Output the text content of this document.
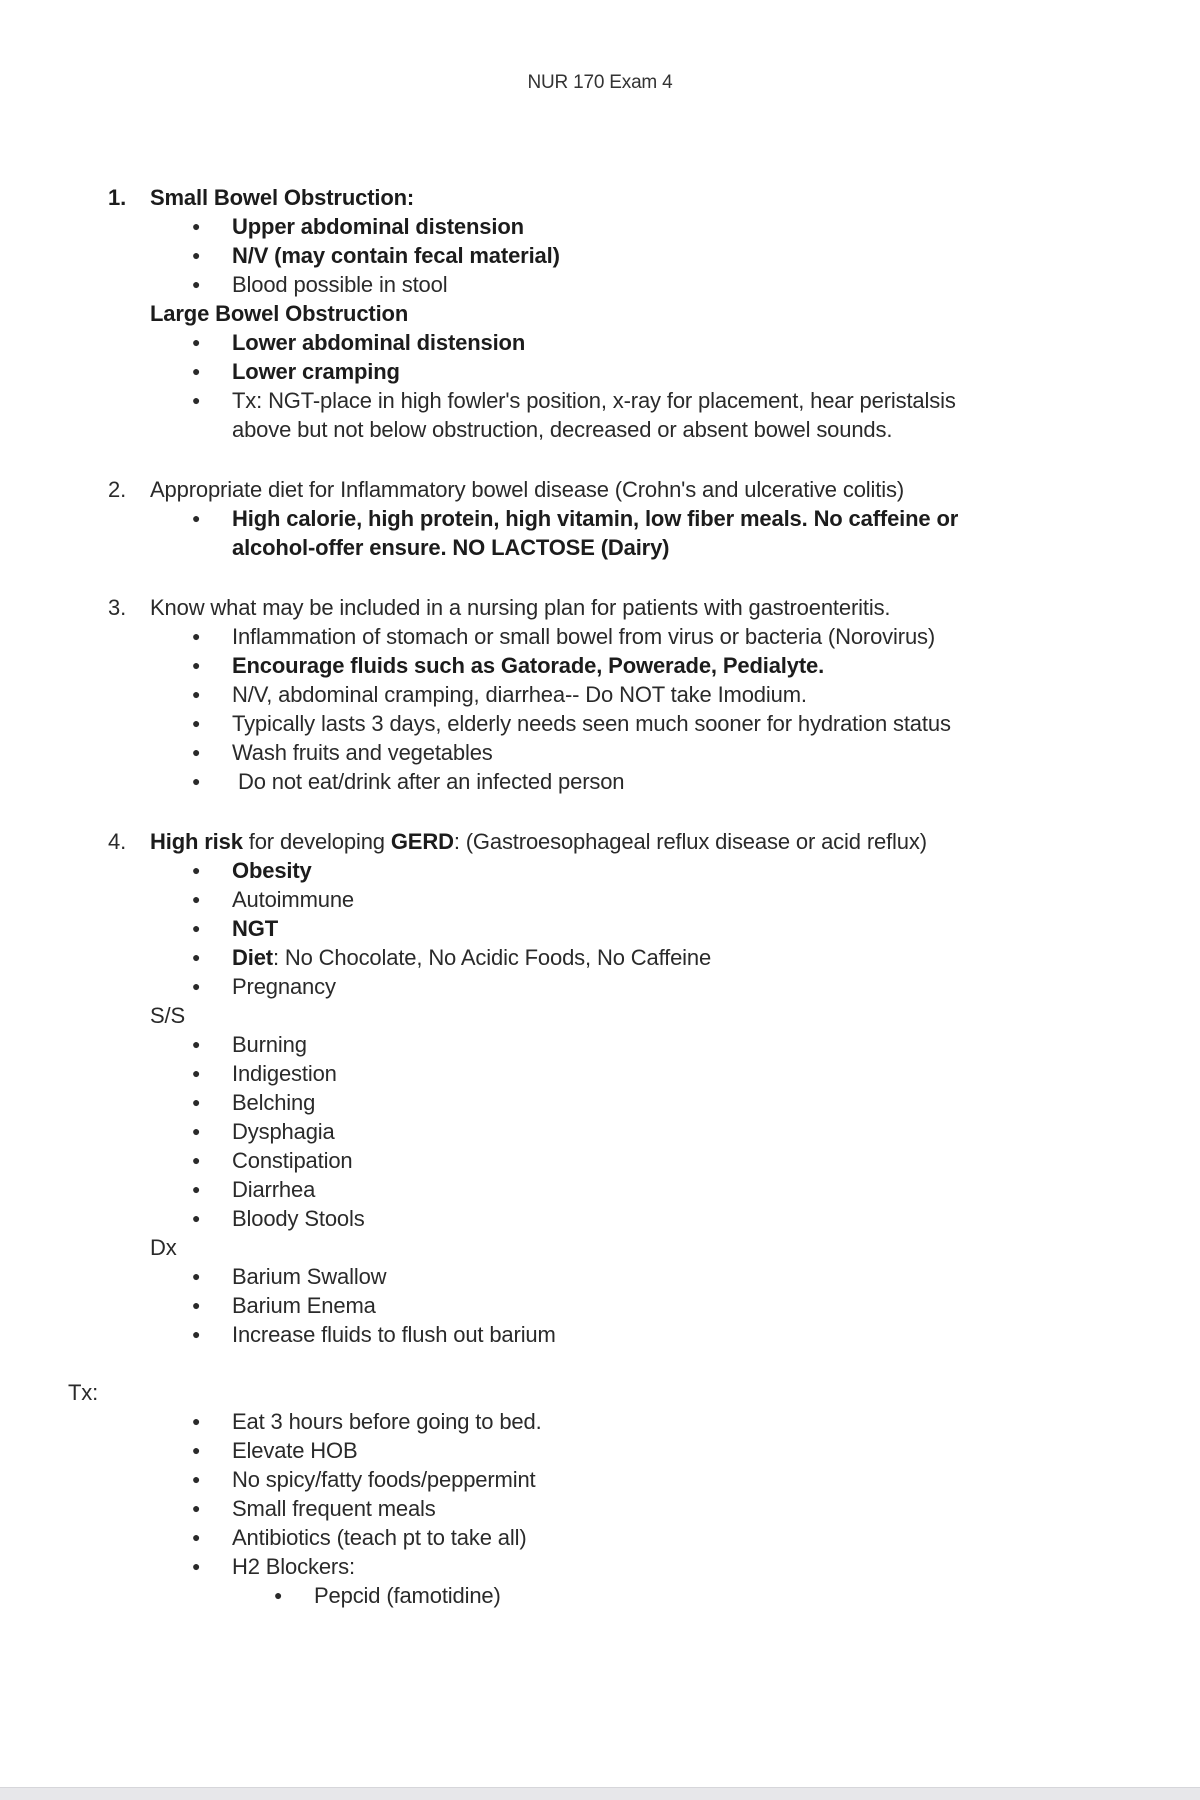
NUR 170 Exam 4
1. Small Bowel Obstruction:
● Upper abdominal distension
● N/V (may contain fecal material)
● Blood possible in stool
Large Bowel Obstruction
● Lower abdominal distension
● Lower cramping
● Tx: NGT-place in high fowler's position, x-ray for placement, hear peristalsis
above but not below obstruction, decreased or absent bowel sounds.
2. Appropriate diet for Inflammatory bowel disease (Crohn's and ulcerative colitis)
● High calorie, high protein, high vitamin, low fiber meals. No caffeine or
alcohol-offer ensure. NO LACTOSE (Dairy)
3. Know what may be included in a nursing plan for patients with gastroenteritis.
● Inflammation of stomach or small bowel from virus or bacteria (Norovirus)
● Encourage fluids such as Gatorade, Powerade, Pedialyte.
● N/V, abdominal cramping, diarrhea-- Do NOT take Imodium.
● Typically lasts 3 days, elderly needs seen much sooner for hydration status
● Wash fruits and vegetables
● Do not eat/drink after an infected person
4. High risk for developing GERD: (Gastroesophageal reflux disease or acid reflux)
● Obesity
● Autoimmune
● NGT
● Diet: No Chocolate, No Acidic Foods, No Caffeine
● Pregnancy
S/S
● Burning
● Indigestion
● Belching
● Dysphagia
● Constipation
● Diarrhea
● Bloody Stools
Dx
● Barium Swallow
● Barium Enema
● Increase fluids to flush out barium
Tx:
● Eat 3 hours before going to bed.
● Elevate HOB
● No spicy/fatty foods/peppermint
● Small frequent meals
● Antibiotics (teach pt to take all)
● H2 Blockers:
● Pepcid (famotidine)
